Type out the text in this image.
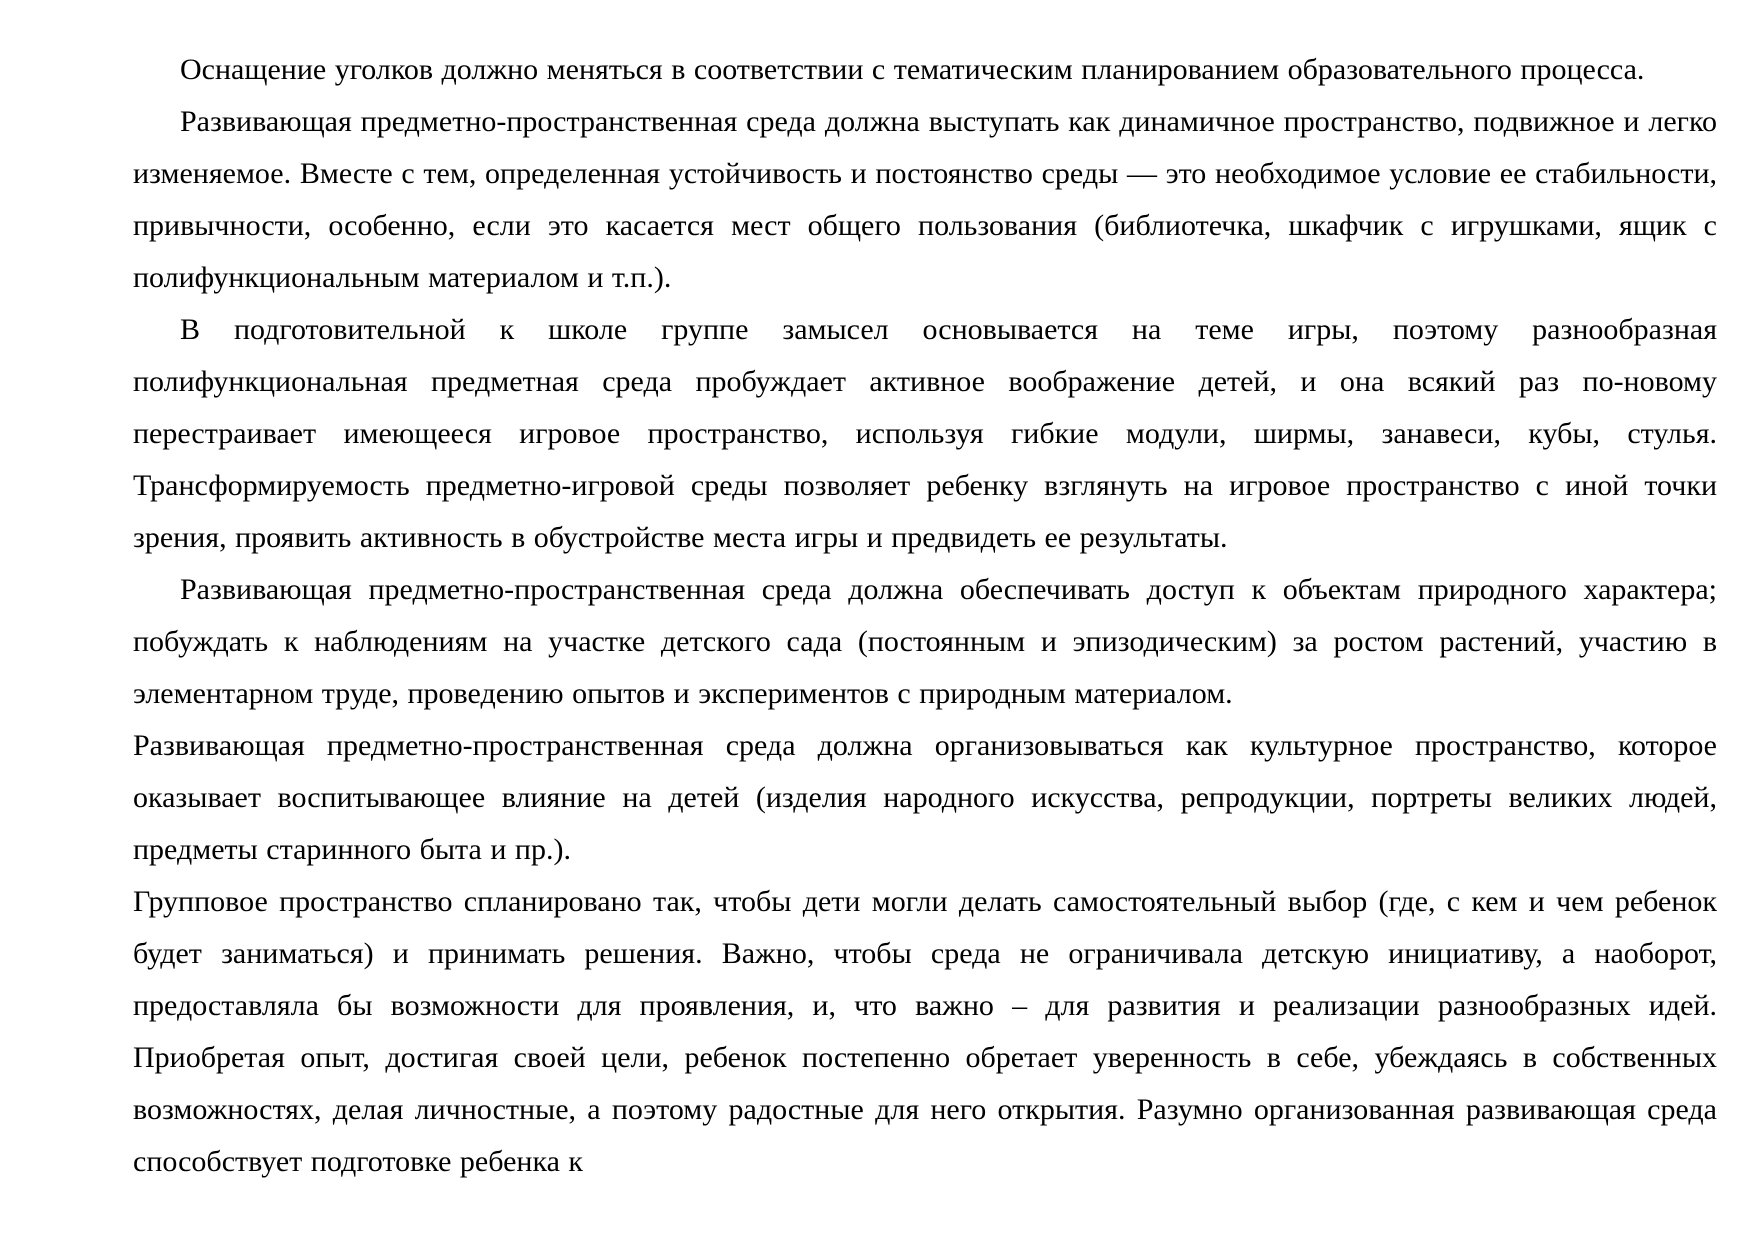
Оснащение уголков должно меняться в соответствии с тематическим планированием образовательного процесса.

Развивающая предметно-пространственная среда должна выступать как динамичное пространство, подвижное и легко изменяемое. Вместе с тем, определенная устойчивость и постоянство среды — это необходимое условие ее стабильности, привычности, особенно, если это касается мест общего пользования (библиотечка, шкафчик с игрушками, ящик с полифункциональным материалом и т.п.).

В подготовительной к школе группе замысел основывается на теме игры, поэтому разнообразная полифункциональная предметная среда пробуждает активное воображение детей, и она всякий раз по-новому перестраивает имеющееся игровое пространство, используя гибкие модули, ширмы, занавеси, кубы, стулья. Трансформируемость предметно-игровой среды позволяет ребенку взглянуть на игровое пространство с иной точки зрения, проявить активность в обустройстве места игры и предвидеть ее результаты.

Развивающая предметно-пространственная среда должна обеспечивать доступ к объектам природного характера; побуждать к наблюдениям на участке детского сада (постоянным и эпизодическим) за ростом растений, участию в элементарном труде, проведению опытов и экспериментов с природным материалом.

Развивающая предметно-пространственная среда должна организовываться как культурное пространство, которое оказывает воспитывающее влияние на детей (изделия народного искусства, репродукции, портреты великих людей, предметы старинного быта и пр.).

Групповое пространство спланировано так, чтобы дети могли делать самостоятельный выбор (где, с кем и чем ребенок будет заниматься) и принимать решения. Важно, чтобы среда не ограничивала детскую инициативу, а наоборот, предоставляла бы возможности для проявления, и, что важно – для развития и реализации разнообразных идей. Приобретая опыт, достигая своей цели, ребенок постепенно обретает уверенность в себе, убеждаясь в собственных возможностях, делая личностные, а поэтому радостные для него открытия. Разумно организованная развивающая среда способствует подготовке ребенка к
